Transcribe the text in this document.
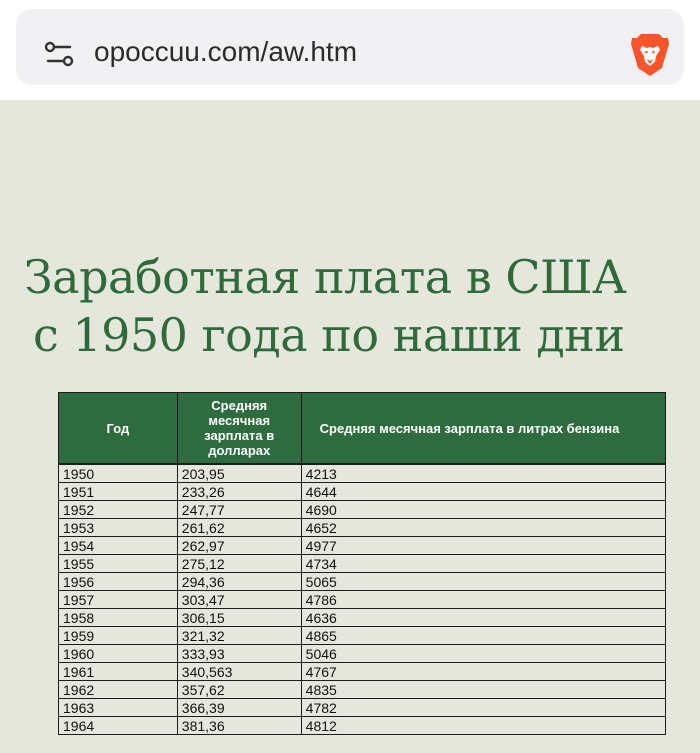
opoccuu.com/aw.htm
Заработная плата в США
с 1950 года по наши дни
Год	Средняя месячная зарплата в долларах	Средняя месячная зарплата в литрах бензина
1950	203,95	4213
1951	233,26	4644
1952	247,77	4690
1953	261,62	4652
1954	262,97	4977
1955	275,12	4734
1956	294,36	5065
1957	303,47	4786
1958	306,15	4636
1959	321,32	4865
1960	333,93	5046
1961	340,563	4767
1962	357,62	4835
1963	366,39	4782
1964	381,36	4812
